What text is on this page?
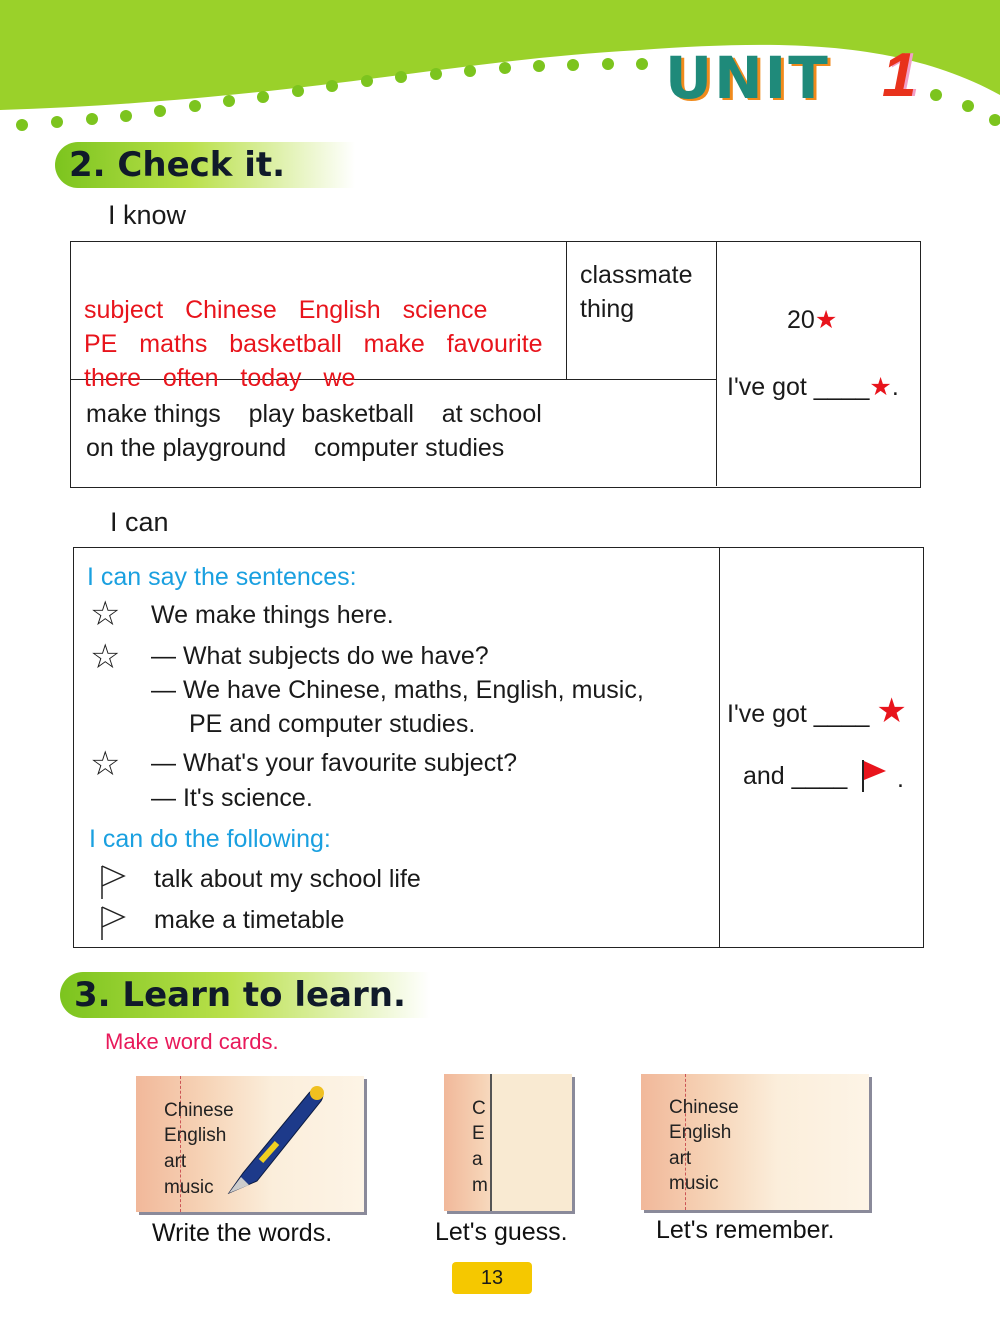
UNIT 1
2. Check it.
I know

subject  Chinese  English  science
PE  maths  basketball  make  favourite
there  often  today  we
classmate
thing
make things    play basketball    at school
on the playground    computer studies
20★
I've got ____★.
I can
I can say the sentences:
☆ We make things here.
☆ — What subjects do we have?
— We have Chinese, maths, English, music,
PE and computer studies.
☆ — What's your favourite subject?
— It's science.
I can do the following:
talk about my school life
make a timetable
I've got ____ ★
and ____ .
3. Learn to learn.
Make word cards.
Chinese
English
art
music
Write the words.
C
E
a
m
Let's guess.
Chinese
English
art
music
Let's remember.
13
